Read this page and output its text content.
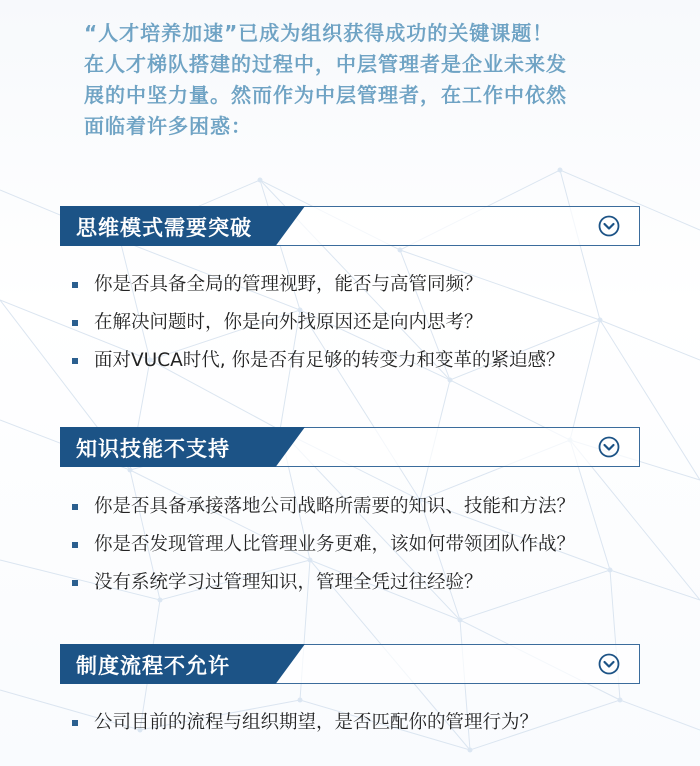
“人才培养加速”已成为组织获得成功的关键课题！

在人才梯队搭建的过程中，中层管理者是企业未来发

展的中坚力量。然而作为中层管理者，在工作中依然

面临着许多困惑：

思维模式需要突破
你是否具备全局的管理视野，能否与高管同频？
在解决问题时，你是向外找原因还是向内思考？
面对VUCA时代, 你是否有足够的转变力和变革的紧迫感？
知识技能不支持
你是否具备承接落地公司战略所需要的知识、技能和方法？
你是否发现管理人比管理业务更难，该如何带领团队作战？
没有系统学习过管理知识，管理全凭过往经验？
制度流程不允许
公司目前的流程与组织期望，是否匹配你的管理行为？
